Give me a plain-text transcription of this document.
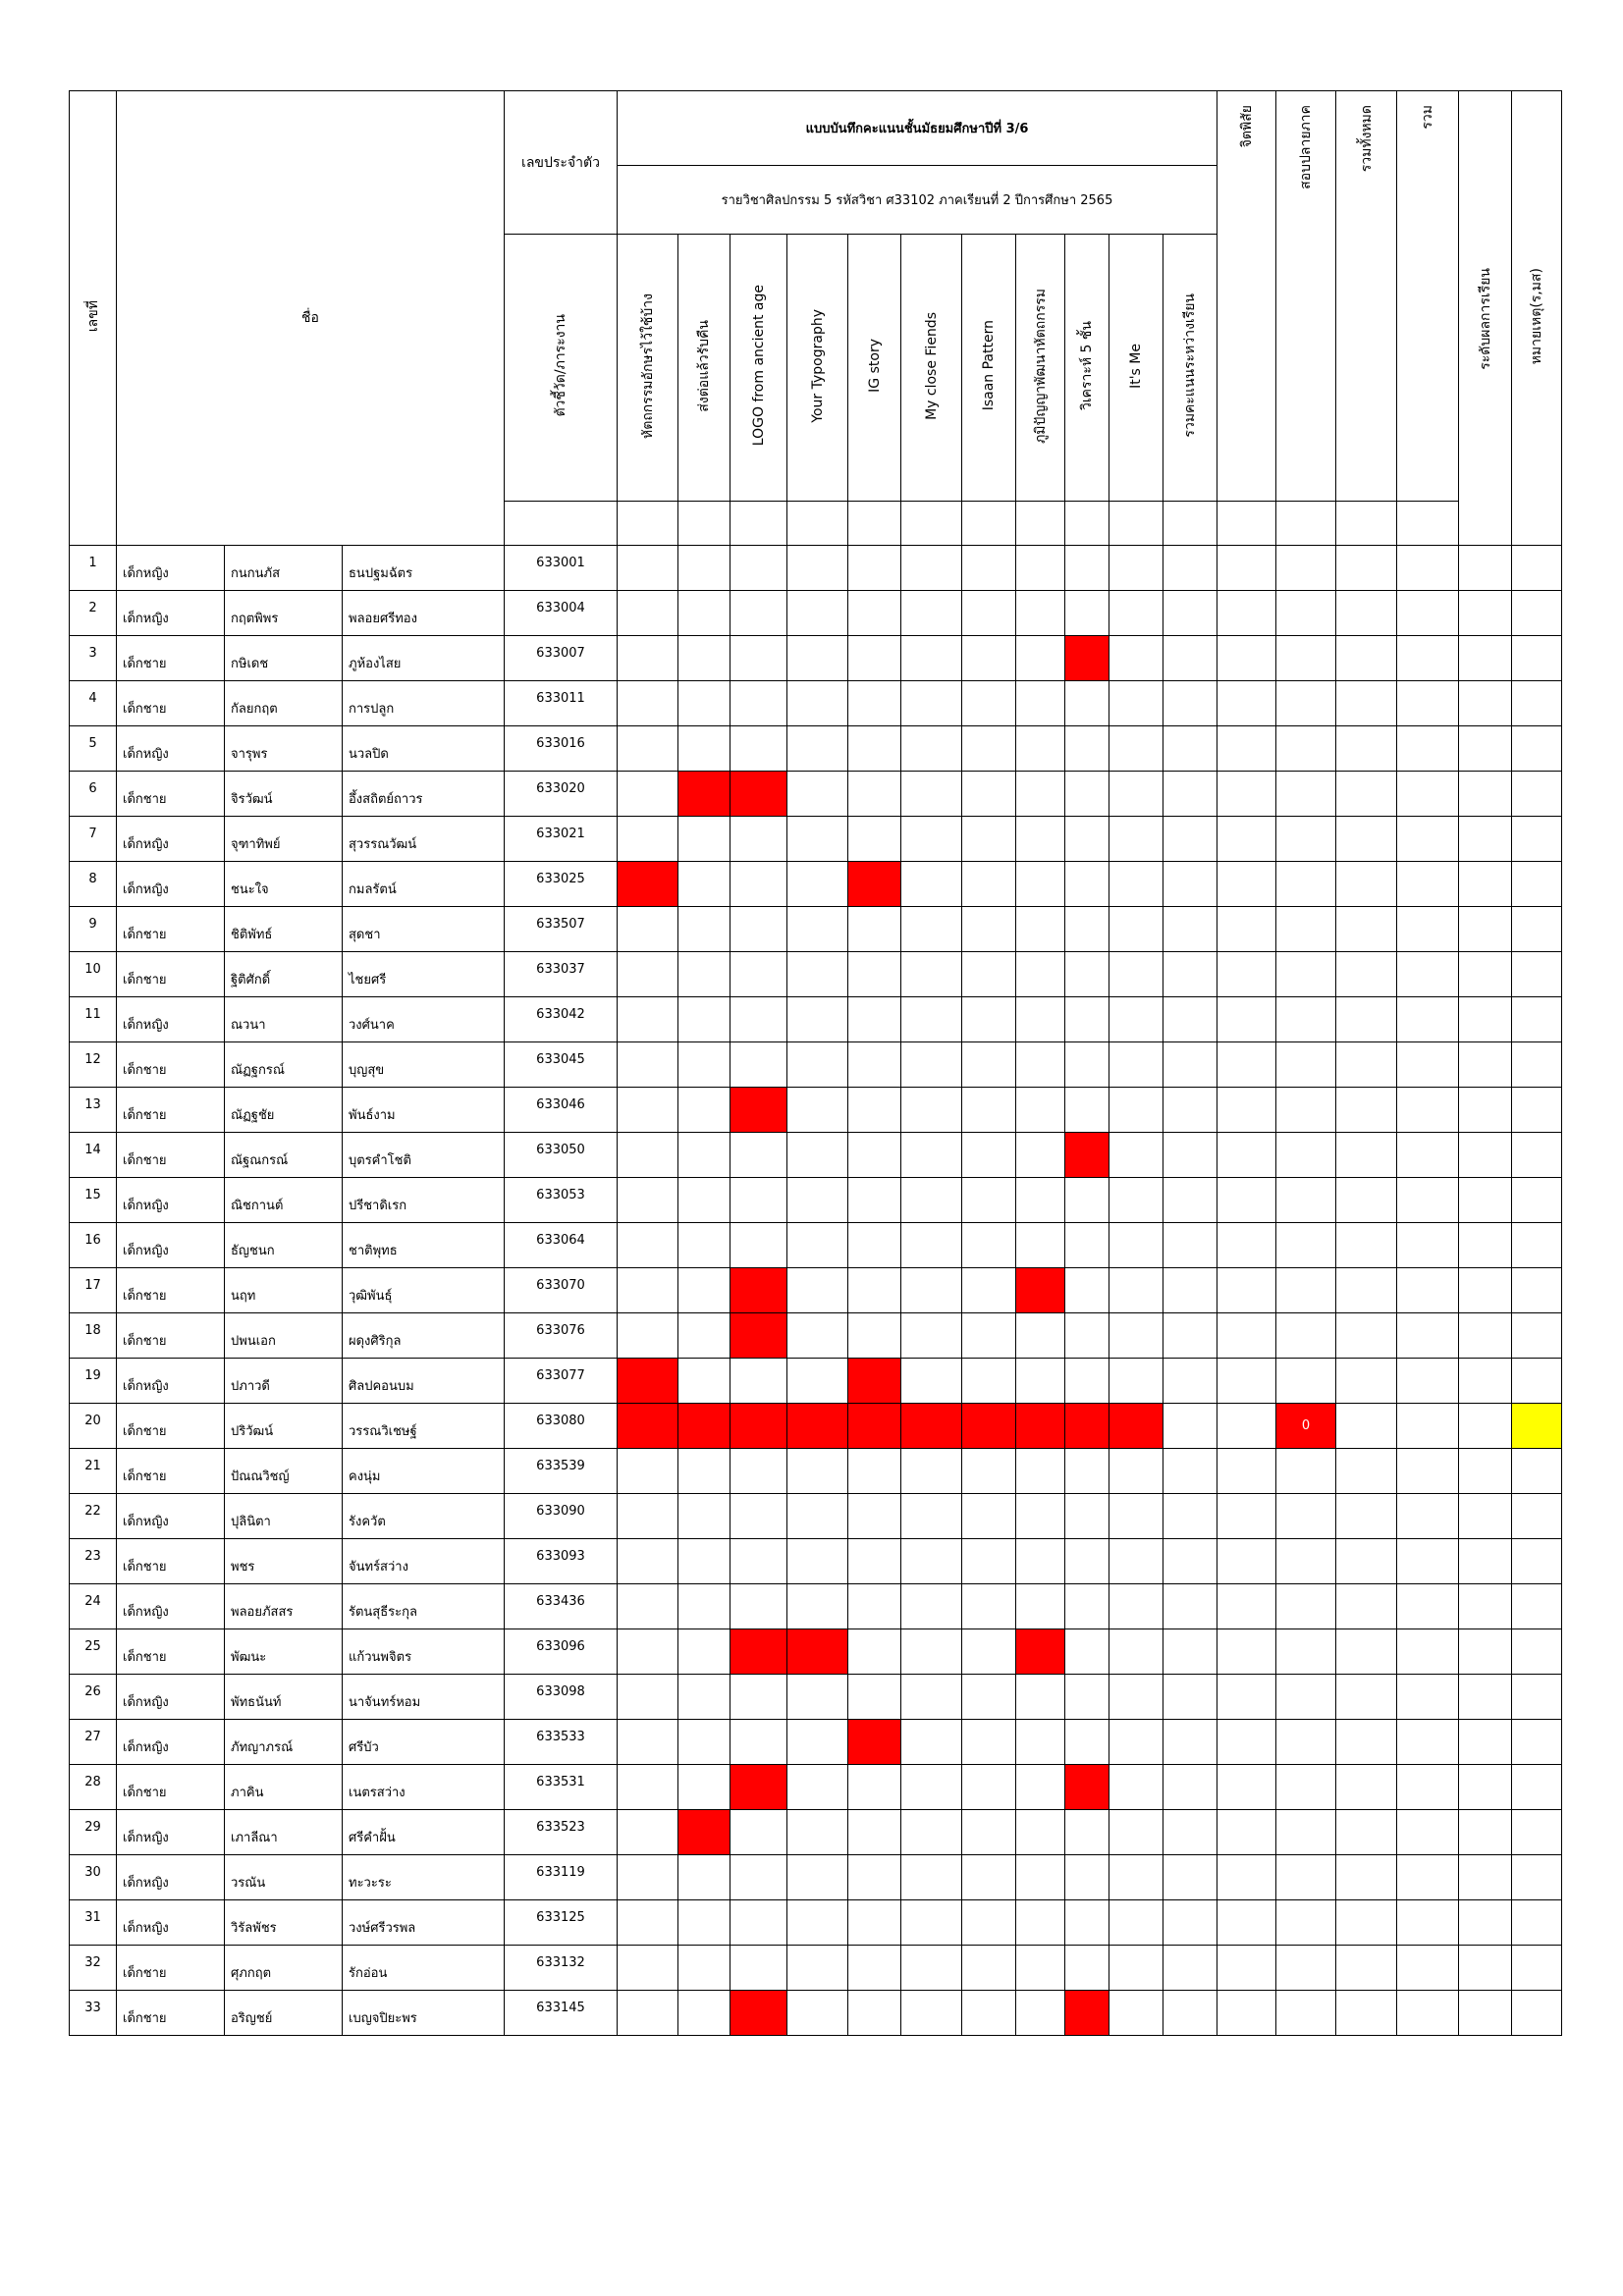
เลขที่	ชื่อ			เลขประจำตัว	แบบบันทึกคะแนนชั้นมัธยมศึกษาปีที่ 3/6											จิตพิสัย	สอบปลายภาค	รวมทั้งหมด	รวม	ระดับผลการเรียน	หมายเหตุ(ร,มส)
					รายวิชาศิลปกรรม 5 รหัสวิชา ศ33102 ภาคเรียนที่ 2 ปีการศึกษา 2565																
				ตัวชี้วัด/ภาระงาน	หัตถกรรมอักษรไว้ใช้บ้าง	ส่งต่อแล้วรับคืน	LOGO from ancient age	Your Typography	IG story	My close Fiends	Isaan Pattern	ภูมิปัญญาพัฒนาหัตถกรรม	วิเคราะห์ 5 ชั้น	It's Me	รวมคะแนนระหว่างเรียน						

1	เด็กหญิง	กนกนภัส	ธนปฐมฉัตร	633001																	
2	เด็กหญิง	กฤตพิพร	พลอยศรีทอง	633004																	
3	เด็กชาย	กษิเดช	ภูห้องไสย	633007																	
4	เด็กชาย	กัลยกฤต	การปลูก	633011																	
5	เด็กหญิง	จารุพร	นวลปิด	633016																	
6	เด็กชาย	จิรวัฒน์	อึ้งสถิตย์ถาวร	633020																	
7	เด็กหญิง	จุฑาทิพย์	สุวรรณวัฒน์	633021																	
8	เด็กหญิง	ชนะใจ	กมลรัตน์	633025																	
9	เด็กชาย	ชิติพัทธ์	สุดชา	633507																	
10	เด็กชาย	ฐิติศักดิ์	ไชยศรี	633037																	
11	เด็กหญิง	ณวนา	วงศ์นาค	633042																	
12	เด็กชาย	ณัฏฐกรณ์	บุญสุข	633045																	
13	เด็กชาย	ณัฏฐชัย	พันธ์งาม	633046																	
14	เด็กชาย	ณัฐณกรณ์	บุตรคำโชติ	633050																	
15	เด็กหญิง	ณิชกานต์	ปรีชาดิเรก	633053																	
16	เด็กหญิง	ธัญชนก	ชาติพุทธ	633064																	
17	เด็กชาย	นฤท	วุฒิพันธุ์	633070																	
18	เด็กชาย	ปพนเอก	ผดุงศิริกุล	633076																	
19	เด็กหญิง	ปภาวดี	ศิลปคอนบม	633077																	
20	เด็กชาย	ปริวัฒน์	วรรณวิเชษฐ์	633080													0				
21	เด็กชาย	ปัณณวิชญ์	คงนุ่ม	633539																	
22	เด็กหญิง	ปุลินิตา	รังควัต	633090																	
23	เด็กชาย	พชร	จันทร์สว่าง	633093																	
24	เด็กหญิง	พลอยภัสสร	รัตนสุธีระกุล	633436																	
25	เด็กชาย	พัฒนะ	แก้วนพจิตร	633096																	
26	เด็กหญิง	พัทธนันท์	นาจันทร์หอม	633098																	
27	เด็กหญิง	ภัทญาภรณ์	ศรีบัว	633533																	
28	เด็กชาย	ภาคิน	เนตรสว่าง	633531																	
29	เด็กหญิง	เภาลีณา	ศรีคำฝั้น	633523																	
30	เด็กหญิง	วรณัน	ทะวะระ	633119																	
31	เด็กหญิง	วิรัลพัชร	วงษ์ศรีวรพล	633125																	
32	เด็กชาย	ศุภกฤต	รักอ่อน	633132																	
33	เด็กชาย	อริญชย์	เบญจปิยะพร	633145																	
